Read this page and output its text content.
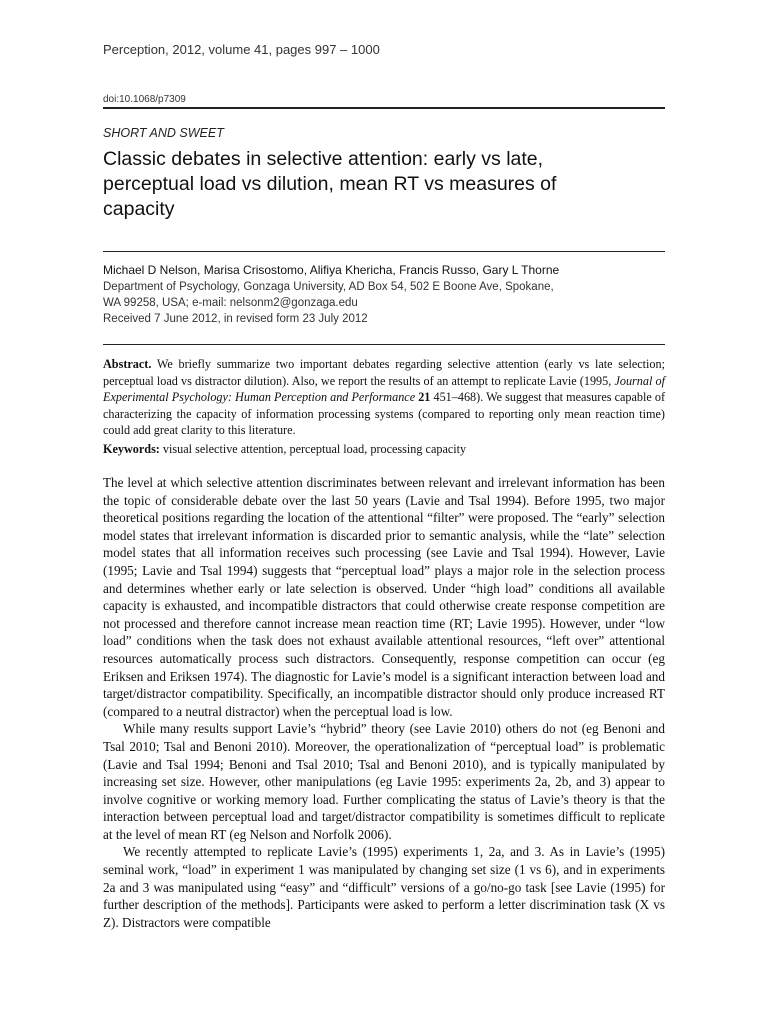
Perception, 2012, volume 41, pages 997 – 1000
doi:10.1068/p7309
SHORT AND SWEET
Classic debates in selective attention: early vs late, perceptual load vs dilution, mean RT vs measures of capacity
Michael D Nelson, Marisa Crisostomo, Alifiya Khericha, Francis Russo, Gary L Thorne
Department of Psychology, Gonzaga University, AD Box 54, 502 E Boone Ave, Spokane,
WA 99258, USA; e-mail: nelsonm2@gonzaga.edu
Received 7 June 2012, in revised form 23 July 2012
Abstract. We briefly summarize two important debates regarding selective attention (early vs late selection; perceptual load vs distractor dilution). Also, we report the results of an attempt to replicate Lavie (1995, Journal of Experimental Psychology: Human Perception and Performance 21 451–468). We suggest that measures capable of characterizing the capacity of information processing systems (compared to reporting only mean reaction time) could add great clarity to this literature.
Keywords: visual selective attention, perceptual load, processing capacity

The level at which selective attention discriminates between relevant and irrelevant information has been the topic of considerable debate over the last 50 years (Lavie and Tsal 1994). Before 1995, two major theoretical positions regarding the location of the attentional “filter” were proposed. The “early” selection model states that irrelevant information is discarded prior to semantic analysis, while the “late” selection model states that all information receives such processing (see Lavie and Tsal 1994). However, Lavie (1995; Lavie and Tsal 1994) suggests that “perceptual load” plays a major role in the selection process and determines whether early or late selection is observed. Under “high load” conditions all available capacity is exhausted, and incompatible distractors that could otherwise create response competition are not processed and therefore cannot increase mean reaction time (RT; Lavie 1995). However, under “low load” conditions when the task does not exhaust available attentional resources, “left over” attentional resources automatically process such distractors. Consequently, response competition can occur (eg Eriksen and Eriksen 1974). The diagnostic for Lavie’s model is a significant interaction between load and target/distractor compatibility. Specifically, an incompatible distractor should only produce increased RT (compared to a neutral distractor) when the perceptual load is low.

While many results support Lavie’s “hybrid” theory (see Lavie 2010) others do not (eg Benoni and Tsal 2010; Tsal and Benoni 2010). Moreover, the operationalization of “perceptual load” is problematic (Lavie and Tsal 1994; Benoni and Tsal 2010; Tsal and Benoni 2010), and is typically manipulated by increasing set size. However, other manipulations (eg Lavie 1995: experiments 2a, 2b, and 3) appear to involve cognitive or working memory load. Further complicating the status of Lavie’s theory is that the interaction between perceptual load and target/distractor compatibility is sometimes difficult to replicate at the level of mean RT (eg Nelson and Norfolk 2006).

We recently attempted to replicate Lavie’s (1995) experiments 1, 2a, and 3. As in Lavie’s (1995) seminal work, “load” in experiment 1 was manipulated by changing set size (1 vs 6), and in experiments 2a and 3 was manipulated using “easy” and “difficult” versions of a go/no-go task [see Lavie (1995) for further description of the methods]. Participants were asked to perform a letter discrimination task (X vs Z). Distractors were compatible
